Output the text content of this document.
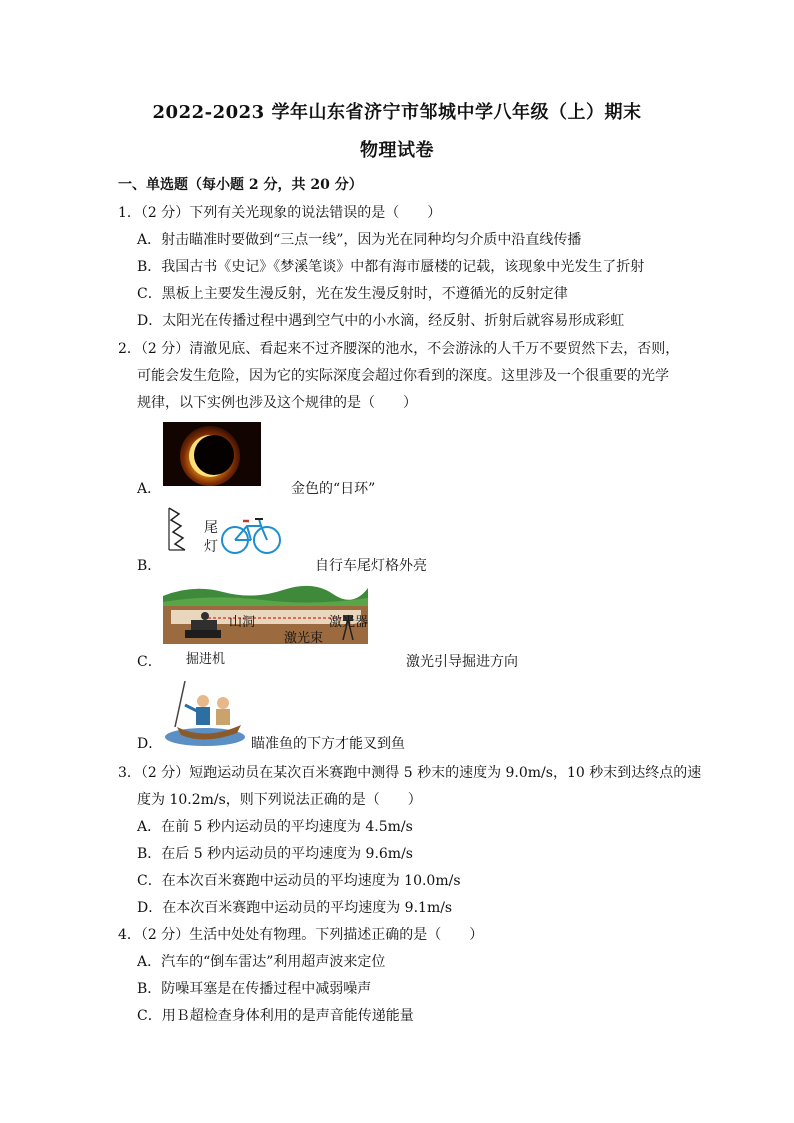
2022-2023 学年山东省济宁市邹城中学八年级（上）期末
物理试卷
一、单选题（每小题 2 分，共 20 分）
1．（2 分）下列有关光现象的说法错误的是（　　）
A．射击瞄准时要做到“三点一线”，因为光在同种均匀介质中沿直线传播
B．我国古书《史记》《梦溪笔谈》中都有海市蜃楼的记载，该现象中光发生了折射
C．黑板上主要发生漫反射，光在发生漫反射时，不遵循光的反射定律
D．太阳光在传播过程中遇到空气中的小水滴，经反射、折射后就容易形成彩虹
2．（2 分）清澈见底、看起来不过齐腰深的池水，不会游泳的人千万不要贸然下去，否则，
可能会发生危险，因为它的实际深度会超过你看到的深度。这里涉及一个很重要的光学
规律，以下实例也涉及这个规律的是（　　）
A．	金色的“日环”
B．
尾
灯
自行车尾灯格外亮
C．
山洞	激光器
激光束
掘进机	激光引导掘进方向
D．	瞄准鱼的下方才能叉到鱼
3．（2 分）短跑运动员在某次百米赛跑中测得 5 秒末的速度为 9.0m/s，10 秒末到达终点的速
度为 10.2m/s，则下列说法正确的是（　　）
A．在前 5 秒内运动员的平均速度为 4.5m/s
B．在后 5 秒内运动员的平均速度为 9.6m/s
C．在本次百米赛跑中运动员的平均速度为 10.0m/s
D．在本次百米赛跑中运动员的平均速度为 9.1m/s
4．（2 分）生活中处处有物理。下列描述正确的是（　　）
A．汽车的“倒车雷达”利用超声波来定位
B．防噪耳塞是在传播过程中减弱噪声
C．用Ｂ超检查身体利用的是声音能传递能量
